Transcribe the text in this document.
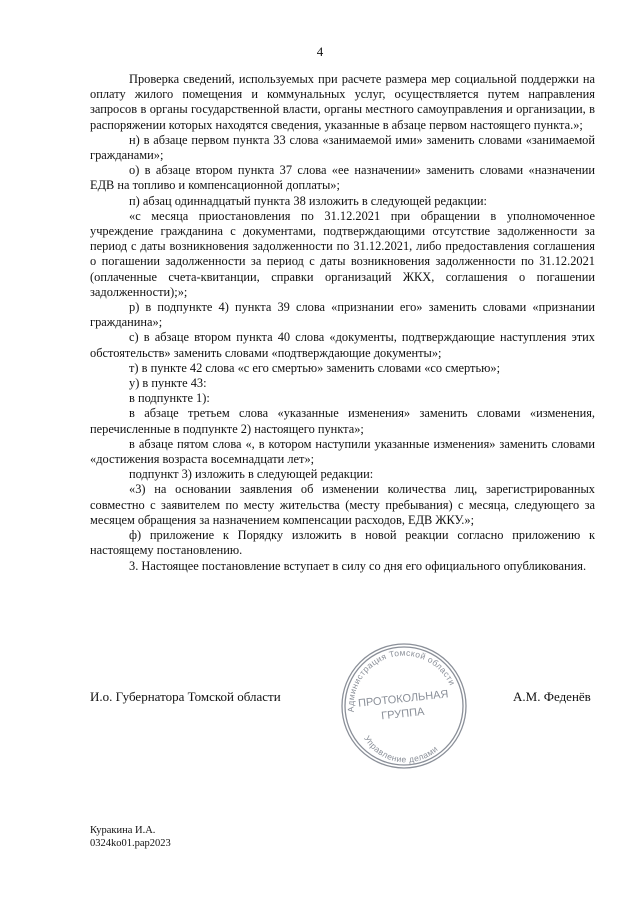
4

Проверка сведений, используемых при расчете размера мер социальной поддержки на оплату жилого помещения и коммунальных услуг, осуществляется путем направления запросов в органы государственной власти, органы местного самоуправления и организации, в распоряжении которых находятся сведения, указанные в абзаце первом настоящего пункта.»;

н) в абзаце первом пункта 33 слова «занимаемой ими» заменить словами «занимаемой гражданами»;

о) в абзаце втором пункта 37 слова «ее назначении» заменить словами «назначении ЕДВ на топливо и компенсационной доплаты»;

п) абзац одиннадцатый пункта 38 изложить в следующей редакции:

«с месяца приостановления по 31.12.2021 при обращении в уполномоченное учреждение гражданина с документами, подтверждающими отсутствие задолженности за период с даты возникновения задолженности по 31.12.2021, либо предоставления соглашения о погашении задолженности за период с даты возникновения задолженности по 31.12.2021 (оплаченные счета-квитанции, справки организаций ЖКХ, соглашения о погашении задолженности);»;

р) в подпункте 4) пункта 39 слова «признании его» заменить словами «признании гражданина»;

с) в абзаце втором пункта 40 слова «документы, подтверждающие наступления этих обстоятельств» заменить словами «подтверждающие документы»;

т) в пункте 42 слова «с его смертью» заменить словами «со смертью»;

у) в пункте 43:

в подпункте 1):

в абзаце третьем слова «указанные изменения» заменить словами «изменения, перечисленные в подпункте 2) настоящего пункта»;

в абзаце пятом слова «, в котором наступили указанные изменения» заменить словами «достижения возраста восемнадцати лет»;

подпункт 3) изложить в следующей редакции:

«3) на основании заявления об изменении количества лиц, зарегистрированных совместно с заявителем по месту жительства (месту пребывания) с месяца, следующего за месяцем обращения за назначением компенсации расходов, ЕДВ ЖКУ.»;

ф) приложение к Порядку изложить в новой реакции согласно приложению к настоящему постановлению.

3. Настоящее постановление вступает в силу со дня его официального опубликования.

И.о. Губернатора Томской области	А.М. Феденёв
Администрация Томской области
Управление делами
ПРОТОКОЛЬНАЯ
ГРУППА
Куракина И.А.
0324ko01.pap2023
